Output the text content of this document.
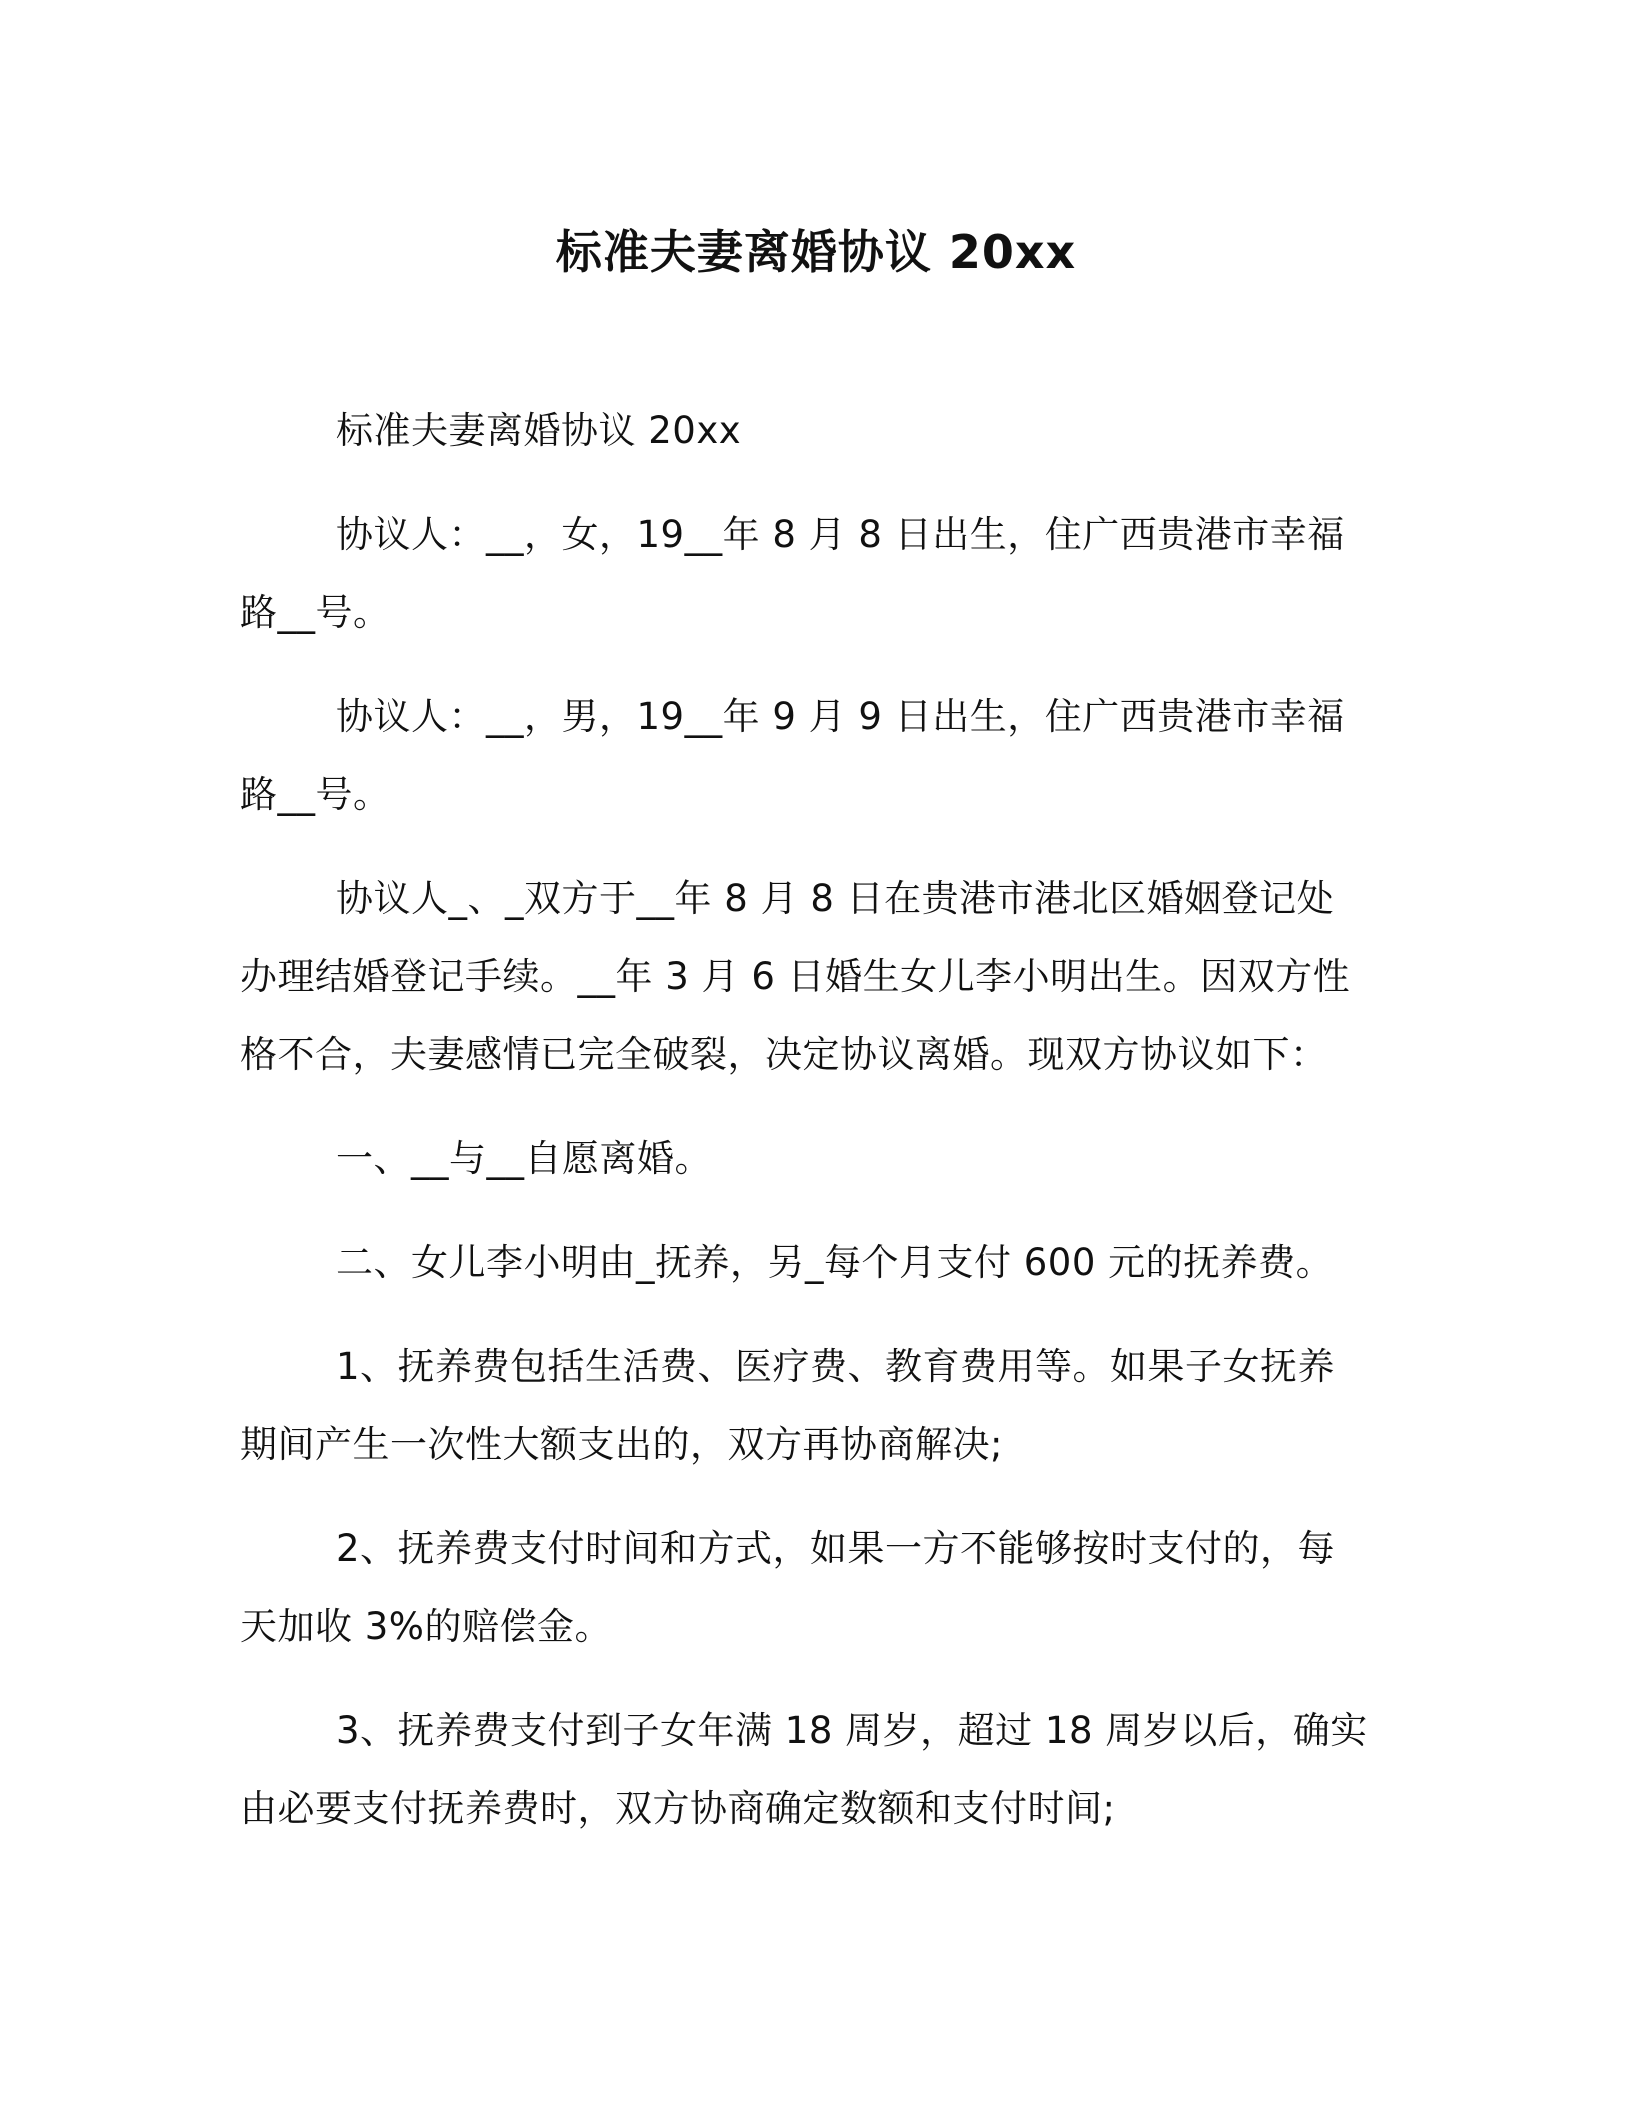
标准夫妻离婚协议 20xx

标准夫妻离婚协议 20xx

协议人：__，女，19__年 8 月 8 日出生，住广西贵港市幸福路__号。

协议人：__，男，19__年 9 月 9 日出生，住广西贵港市幸福路__号。

协议人_、_双方于__年 8 月 8 日在贵港市港北区婚姻登记处办理结婚登记手续。__年 3 月 6 日婚生女儿李小明出生。因双方性格不合，夫妻感情已完全破裂，决定协议离婚。现双方协议如下：

一、__与__自愿离婚。

二、女儿李小明由_抚养，另_每个月支付 600 元的抚养费。

1、抚养费包括生活费、医疗费、教育费用等。如果子女抚养期间产生一次性大额支出的，双方再协商解决;

2、抚养费支付时间和方式，如果一方不能够按时支付的，每天加收 3%的赔偿金。

3、抚养费支付到子女年满 18 周岁，超过 18 周岁以后，确实由必要支付抚养费时，双方协商确定数额和支付时间;
